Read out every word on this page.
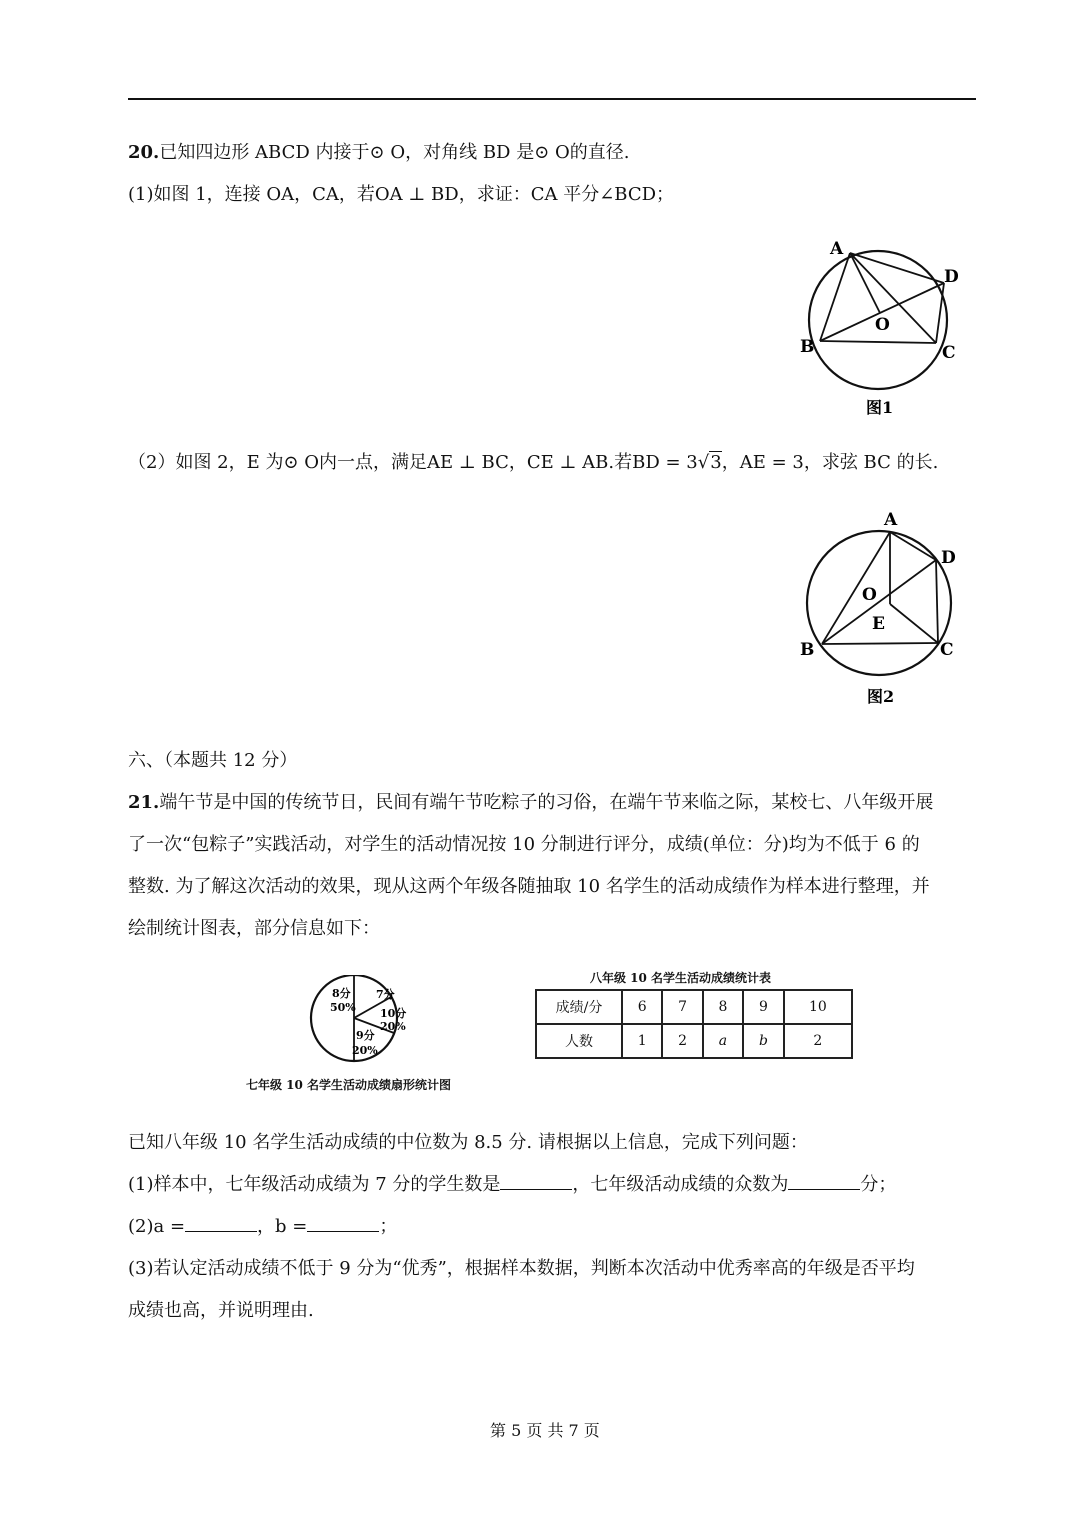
20.已知四边形 ABCD 内接于⊙ O，对角线 BD 是⊙ O的直径.
(1)如图 1，连接 OA，CA，若OA ⊥ BD，求证：CA 平分∠BCD；
A
D
O
B	C
图1
（2）如图 2，E 为⊙ O内一点，满足AE ⊥ BC，CE ⊥ AB.若BD = 3√3，AE = 3，求弦 BC 的长.
A
D
O
E
B	C
图2
六、（本题共 12 分）
21.端午节是中国的传统节日，民间有端午节吃粽子的习俗，在端午节来临之际，某校七、八年级开展
了一次“包粽子”实践活动，对学生的活动情况按 10 分制进行评分，成绩(单位：分)均为不低于 6 的
整数. 为了解这次活动的效果，现从这两个年级各随抽取 10 名学生的活动成绩作为样本进行整理，并
绘制统计图表，部分信息如下：
8分
50%
7分
10分
20%
9分
20%
七年级 10 名学生活动成绩扇形统计图
八年级 10 名学生活动成绩统计表
成绩/分	6	7	8	9	10
人数	1	2	a	b	2
已知八年级 10 名学生活动成绩的中位数为 8.5 分. 请根据以上信息，完成下列问题：
(1)样本中，七年级活动成绩为 7 分的学生数是	，七年级活动成绩的众数为	分；
(2)a =	，b =	；
(3)若认定活动成绩不低于 9 分为“优秀”，根据样本数据，判断本次活动中优秀率高的年级是否平均
成绩也高，并说明理由.
第 5 页 共 7 页
